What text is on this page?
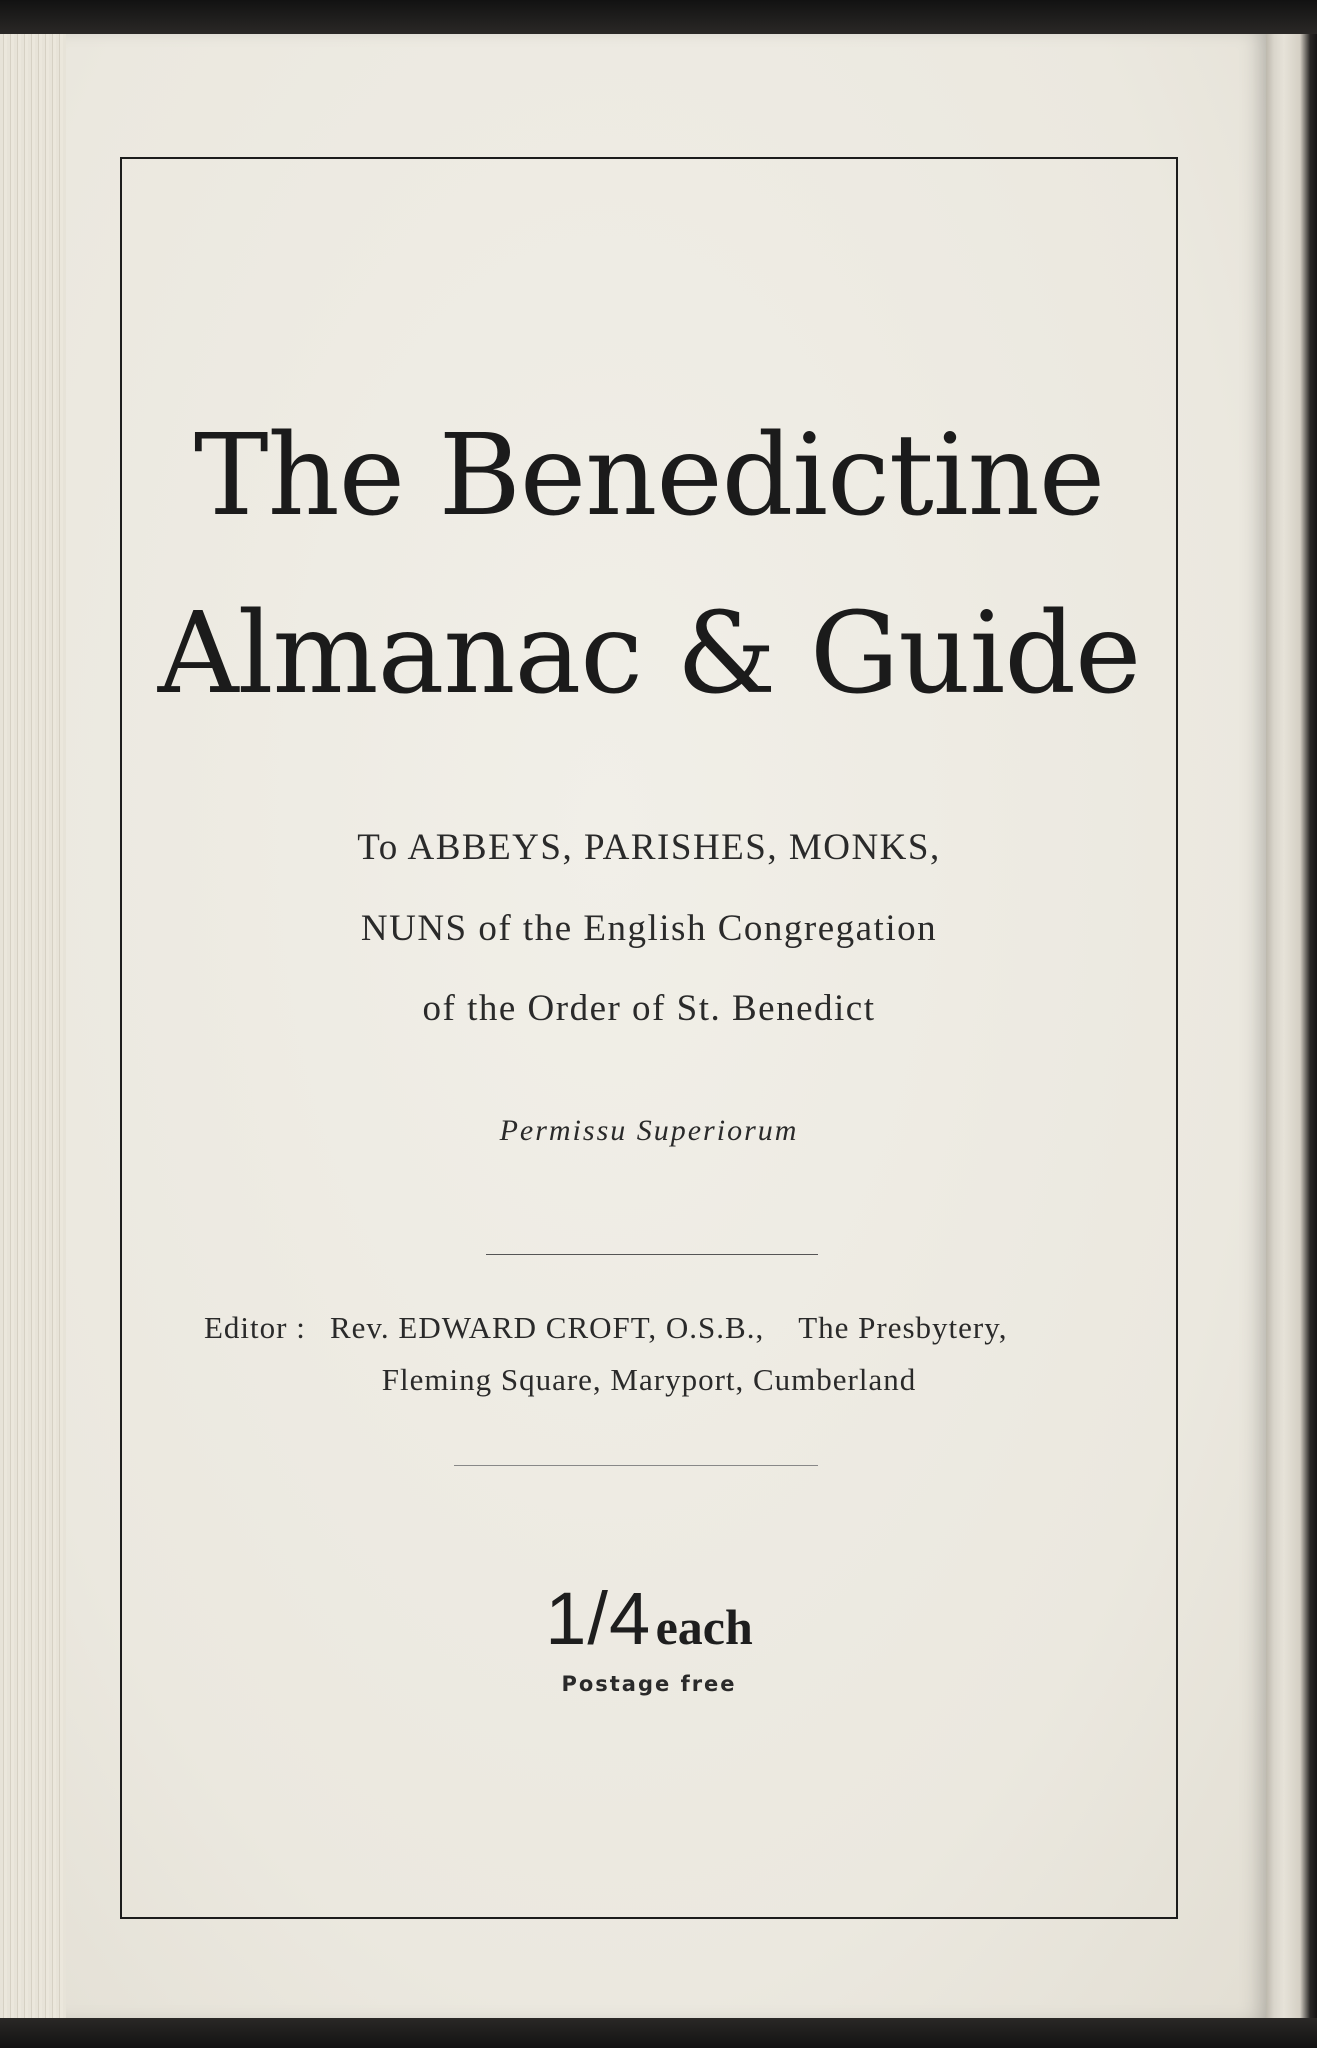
The Benedictine
Almanac & Guide
To ABBEYS, PARISHES, MONKS,
NUNS of the English Congregation
of the Order of St. Benedict
Permissu Superiorum
Editor : Rev. EDWARD CROFT, O.S.B., The Presbytery,
Fleming Square, Maryport, Cumberland
1/4 each
Postage free
